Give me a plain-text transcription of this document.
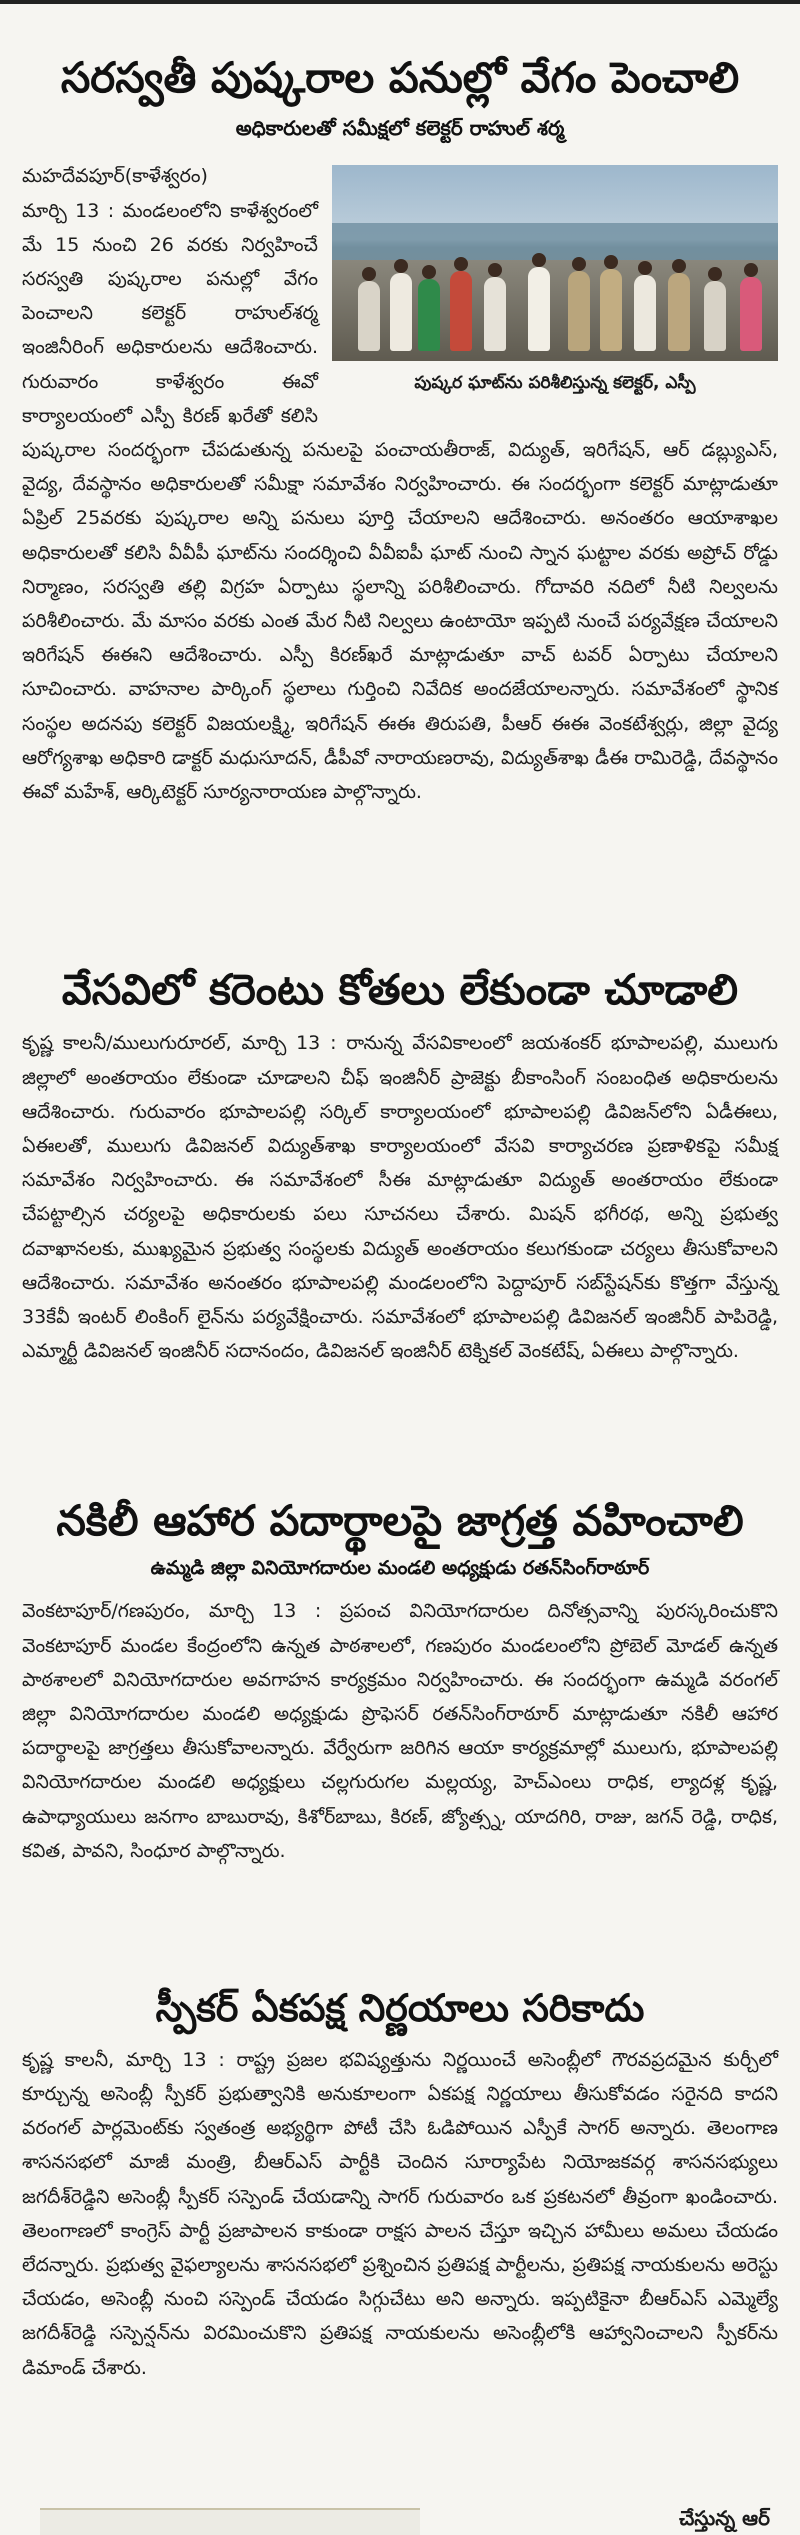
సరస్వతీ పుష్కరాల పనుల్లో వేగం పెంచాలి
అధికారులతో సమీక్షలో కలెక్టర్ రాహుల్ శర్మ
పుష్కర ఘాట్‌ను పరిశీలిస్తున్న కలెక్టర్, ఎస్పీ

మహదేవపూర్(కాళేశ్వరం)
మార్చి 13 : మండలంలోని కాళేశ్వరంలో మే 15 నుంచి 26 వరకు నిర్వహించే సరస్వతి పుష్కరాల పనుల్లో వేగం పెంచాలని కలెక్టర్ రాహుల్‌శర్మ ఇంజినీరింగ్ అధికారులను ఆదేశించారు. గురువారం కాళేశ్వరం ఈవో కార్యాలయంలో ఎస్పీ కిరణ్ ఖరేతో కలిసి పుష్కరాల సందర్భంగా చేపడుతున్న పనులపై పంచాయతీరాజ్, విద్యుత్, ఇరిగేషన్, ఆర్ డబ్ల్యుఎస్, వైద్య, దేవస్థానం అధికారులతో సమీక్షా సమావేశం నిర్వహించారు. ఈ సందర్భంగా కలెక్టర్ మాట్లాడుతూ ఏప్రిల్ 25వరకు పుష్కరాల అన్ని పనులు పూర్తి చేయాలని ఆదేశించారు. అనంతరం ఆయాశాఖల అధికారులతో కలిసి వీవీపీ ఘాట్‌ను సందర్శించి వీవీఐపీ ఘాట్ నుంచి స్నాన ఘట్టాల వరకు అప్రోచ్ రోడ్డు నిర్మాణం, సరస్వతి తల్లి విగ్రహ ఏర్పాటు స్థలాన్ని పరిశీలించారు. గోదావరి నదిలో నీటి నిల్వలను పరిశీలించారు. మే మాసం వరకు ఎంత మేర నీటి నిల్వలు ఉంటాయో ఇప్పటి నుంచే పర్యవేక్షణ చేయాలని ఇరిగేషన్ ఈఈని ఆదేశించారు. ఎస్పీ కిరణ్‌ఖరే మాట్లాడుతూ వాచ్ టవర్ ఏర్పాటు చేయాలని సూచించారు. వాహనాల పార్కింగ్ స్థలాలు గుర్తించి నివేదిక అందజేయాలన్నారు. సమావేశంలో స్థానిక సంస్థల అదనపు కలెక్టర్ విజయలక్ష్మి, ఇరిగేషన్ ఈఈ తిరుపతి, పీఆర్ ఈఈ వెంకటేశ్వర్లు, జిల్లా వైద్య ఆరోగ్యశాఖ అధికారి డాక్టర్ మధుసూదన్, డీపీవో నారాయణరావు, విద్యుత్‌శాఖ డీఈ రామిరెడ్డి, దేవస్థానం ఈవో మహేశ్, ఆర్కిటెక్టర్ సూర్యనారాయణ పాల్గొన్నారు.

వేసవిలో కరెంటు కోతలు లేకుండా చూడాలి

కృష్ణ కాలనీ/ములుగురూరల్, మార్చి 13 : రానున్న వేసవికాలంలో జయశంకర్ భూపాలపల్లి, ములుగు జిల్లాలో అంతరాయం లేకుండా చూడాలని చీఫ్ ఇంజినీర్ ప్రాజెక్టు బీకాంసింగ్ సంబంధిత అధికారులను ఆదేశించారు. గురువారం భూపాలపల్లి సర్కిల్ కార్యాలయంలో భూపాలపల్లి డివిజన్‌లోని ఏడీఈలు, ఏఈలతో, ములుగు డివిజనల్ విద్యుత్‌శాఖ కార్యాలయంలో వేసవి కార్యాచరణ ప్రణాళికపై సమీక్ష సమావేశం నిర్వహించారు. ఈ సమావేశంలో సీఈ మాట్లాడుతూ విద్యుత్ అంతరాయం లేకుండా చేపట్టాల్సిన చర్యలపై అధికారులకు పలు సూచనలు చేశారు. మిషన్ భగీరథ, అన్ని ప్రభుత్వ దవాఖానలకు, ముఖ్యమైన ప్రభుత్వ సంస్థలకు విద్యుత్ అంతరాయం కలుగకుండా చర్యలు తీసుకోవాలని ఆదేశించారు. సమావేశం అనంతరం భూపాలపల్లి మండలంలోని పెద్దాపూర్ సబ్‌స్టేషన్‌కు కొత్తగా వేస్తున్న 33కేవీ ఇంటర్ లింకింగ్ లైన్‌ను పర్యవేక్షించారు. సమావేశంలో భూపాలపల్లి డివిజనల్ ఇంజినీర్ పాపిరెడ్డి, ఎమ్మార్టీ డివిజనల్ ఇంజినీర్ సదానందం, డివిజనల్ ఇంజినీర్ టెక్నికల్ వెంకటేష్, ఏఈలు పాల్గొన్నారు.

నకిలీ ఆహార పదార్థాలపై జాగ్రత్త వహించాలి
ఉమ్మడి జిల్లా వినియోగదారుల మండలి అధ్యక్షుడు రతన్‌సింగ్‌రాఠూర్

వెంకటాపూర్/గణపురం, మార్చి 13 : ప్రపంచ వినియోగదారుల దినోత్సవాన్ని పురస్కరించుకొని వెంకటాపూర్ మండల కేంద్రంలోని ఉన్నత పాఠశాలలో, గణపురం మండలంలోని ప్రోబెల్ మోడల్ ఉన్నత పాఠశాలలో వినియోగదారుల అవగాహన కార్యక్రమం నిర్వహించారు. ఈ సందర్భంగా ఉమ్మడి వరంగల్ జిల్లా వినియోగదారుల మండలి అధ్యక్షుడు ప్రొఫెసర్ రతన్‌సింగ్‌రాఠూర్ మాట్లాడుతూ నకిలీ ఆహార పదార్థాలపై జాగ్రత్తలు తీసుకోవాలన్నారు. వేర్వేరుగా జరిగిన ఆయా కార్యక్రమాల్లో ములుగు, భూపాలపల్లి వినియోగదారుల మండలి అధ్యక్షులు చల్లగురుగల మల్లయ్య, హెచ్ఎంలు రాధిక, ల్యాదళ్ల కృష్ణ, ఉపాధ్యాయులు జనగాం బాబురావు, కిశోర్‌బాబు, కిరణ్, జ్యోత్స్న, యాదగిరి, రాజు, జగన్ రెడ్డి, రాధిక, కవిత, పావని, సింధూర పాల్గొన్నారు.

స్పీకర్ ఏకపక్ష నిర్ణయాలు సరికాదు

కృష్ణ కాలనీ, మార్చి 13 : రాష్ట్ర ప్రజల భవిష్యత్తును నిర్ణయించే అసెంబ్లీలో గౌరవప్రదమైన కుర్చీలో కూర్చున్న అసెంబ్లీ స్పీకర్ ప్రభుత్వానికి అనుకూలంగా ఏకపక్ష నిర్ణయాలు తీసుకోవడం సరైనది కాదని వరంగల్ పార్లమెంట్‌కు స్వతంత్ర అభ్యర్థిగా పోటీ చేసి ఓడిపోయిన ఎస్పీకే సాగర్ అన్నారు. తెలంగాణ శాసనసభలో మాజీ మంత్రి, బీఆర్ఎస్ పార్టీకి చెందిన సూర్యాపేట నియోజకవర్గ శాసనసభ్యులు జగదీశ్‌రెడ్డిని అసెంబ్లీ స్పీకర్ సస్పెండ్ చేయడాన్ని సాగర్ గురువారం ఒక ప్రకటనలో తీవ్రంగా ఖండించారు. తెలంగాణలో కాంగ్రెస్ పార్టీ ప్రజాపాలన కాకుండా రాక్షస పాలన చేస్తూ ఇచ్చిన హామీలు అమలు చేయడం లేదన్నారు. ప్రభుత్వ వైఫల్యాలను శాసనసభలో ప్రశ్నించిన ప్రతిపక్ష పార్టీలను, ప్రతిపక్ష నాయకులను అరెస్టు చేయడం, అసెంబ్లీ నుంచి సస్పెండ్ చేయడం సిగ్గుచేటు అని అన్నారు. ఇప్పటికైనా బీఆర్ఎస్ ఎమ్మెల్యే జగదీశ్‌రెడ్డి సస్పెన్షన్‌ను విరమించుకొని ప్రతిపక్ష నాయకులను అసెంబ్లీలోకి ఆహ్వానించాలని స్పీకర్‌ను డిమాండ్ చేశారు.

చేస్తున్న ఆర్
